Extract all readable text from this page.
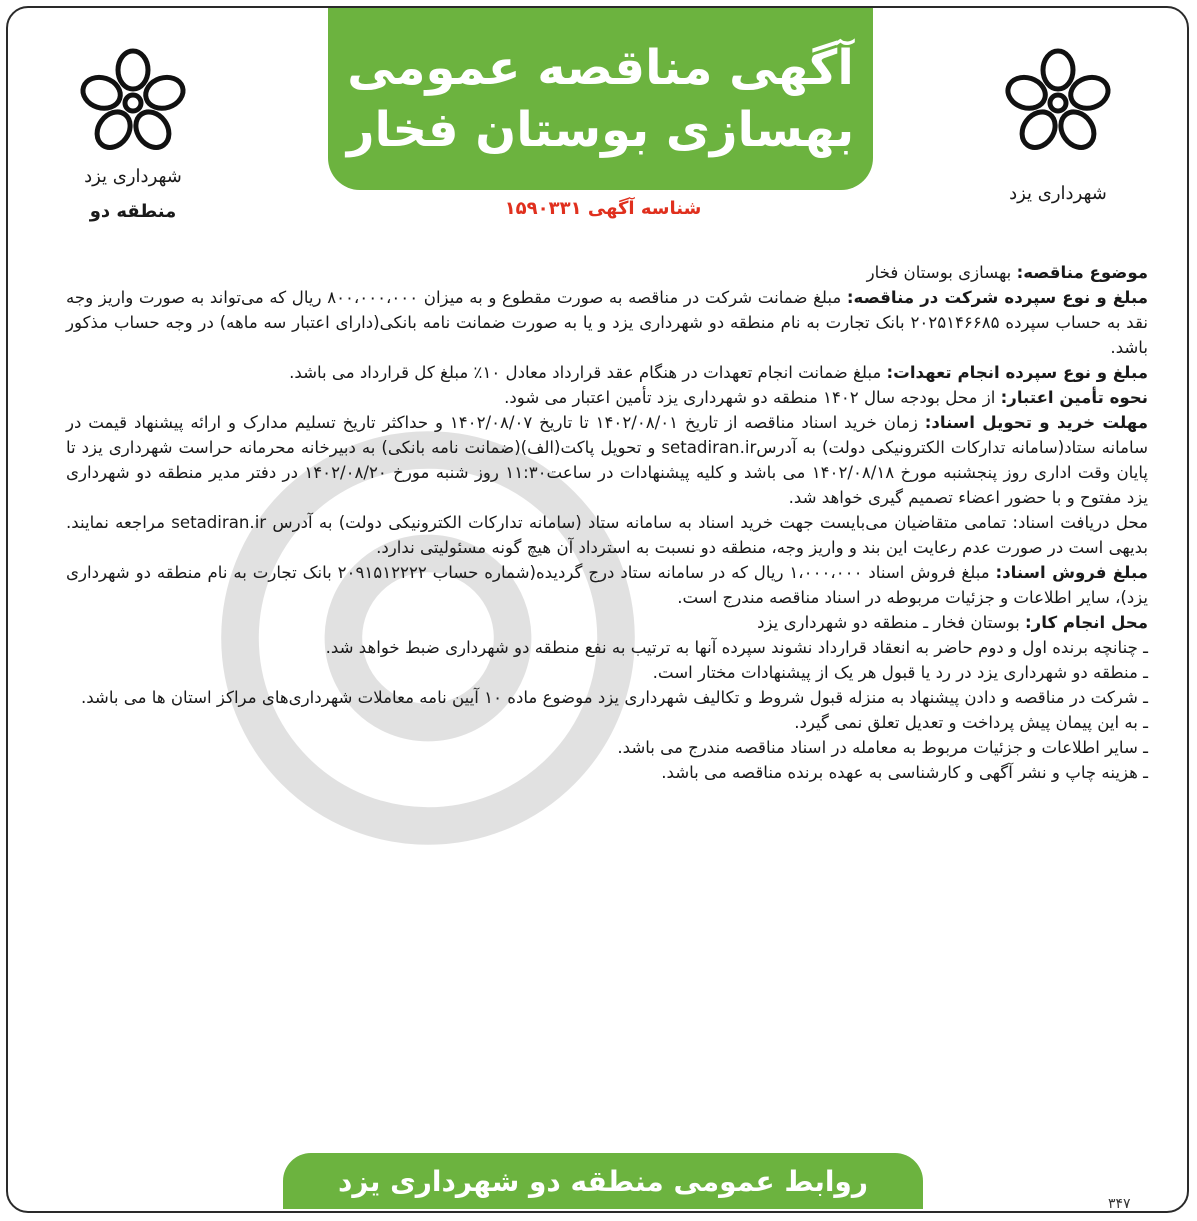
آگهی مناقصه عمومی
بهسازی بوستان فخار
شناسه آگهی ۱۵۹۰۳۳۱
شهرداری یزد
منطقه دو
شهرداری یزد

موضوع مناقصه: بهسازی بوستان فخار

مبلغ و نوع سپرده شرکت در مناقصه: مبلغ ضمانت شرکت در مناقصه به صورت مقطوع و به میزان ۸۰۰،۰۰۰،۰۰۰ ریال که می‌تواند به صورت واریز وجه نقد به حساب سپرده ۲۰۲۵۱۴۶۶۸۵ بانک تجارت به نام منطقه دو شهرداری یزد و یا به صورت ضمانت نامه بانکی(دارای اعتبار سه ماهه) در وجه حساب مذکور باشد.

مبلغ و نوع سپرده انجام تعهدات: مبلغ ضمانت انجام تعهدات در هنگام عقد قرارداد معادل ۱۰٪ مبلغ کل قرارداد می باشد.

نحوه تأمین اعتبار: از محل بودجه سال ۱۴۰۲ منطقه دو شهرداری یزد تأمین اعتبار می شود.

مهلت خرید و تحویل اسناد: زمان خرید اسناد مناقصه از تاریخ ۱۴۰۲/۰۸/۰۱ تا تاریخ ۱۴۰۲/۰۸/۰۷ و حداکثر تاریخ تسلیم مدارک و ارائه پیشنهاد قیمت در سامانه ستاد(سامانه تدارکات الکترونیکی دولت) به آدرسsetadiran.ir و تحویل پاکت(الف)(ضمانت نامه بانکی) به دبیرخانه محرمانه حراست شهرداری یزد تا پایان وقت اداری روز پنجشنبه مورخ ۱۴۰۲/۰۸/۱۸ می باشد و کلیه پیشنهادات در ساعت۱۱:۳۰ روز شنبه مورخ ۱۴۰۲/۰۸/۲۰ در دفتر مدیر منطقه دو شهرداری یزد مفتوح و با حضور اعضاء تصمیم گیری خواهد شد.

محل دریافت اسناد: تمامی متقاضیان می‌بایست جهت خرید اسناد به سامانه ستاد (سامانه تدارکات الکترونیکی دولت) به آدرس setadiran.ir مراجعه نمایند. بدیهی است در صورت عدم رعایت این بند و واریز وجه، منطقه دو نسبت به استرداد آن هیچ گونه مسئولیتی ندارد.

مبلغ فروش اسناد: مبلغ فروش اسناد ۱،۰۰۰،۰۰۰ ریال که در سامانه ستاد درج گردیده(شماره حساب ۲۰۹۱۵۱۲۲۲۲ بانک تجارت به نام منطقه دو شهرداری یزد)، سایر اطلاعات و جزئیات مربوطه در اسناد مناقصه مندرج است.

محل انجام کار: بوستان فخار ـ منطقه دو شهرداری یزد

ـ چنانچه برنده اول و دوم حاضر به انعقاد قرارداد نشوند سپرده آنها به ترتیب به نفع منطقه دو شهرداری ضبط خواهد شد.

ـ منطقه دو شهرداری یزد در رد یا قبول هر یک از پیشنهادات مختار است.

ـ شرکت در مناقصه و دادن پیشنهاد به منزله قبول شروط و تکالیف شهرداری یزد موضوع ماده ۱۰ آیین نامه معاملات شهرداری‌های مراکز استان ها می باشد.

ـ به این پیمان پیش پرداخت و تعدیل تعلق نمی گیرد.

ـ سایر اطلاعات و جزئیات مربوط به معامله در اسناد مناقصه مندرج می باشد.

ـ هزینه چاپ و نشر آگهی و کارشناسی به عهده برنده مناقصه می باشد.

روابط عمومی منطقه دو شهرداری یزد
۳۴۷
